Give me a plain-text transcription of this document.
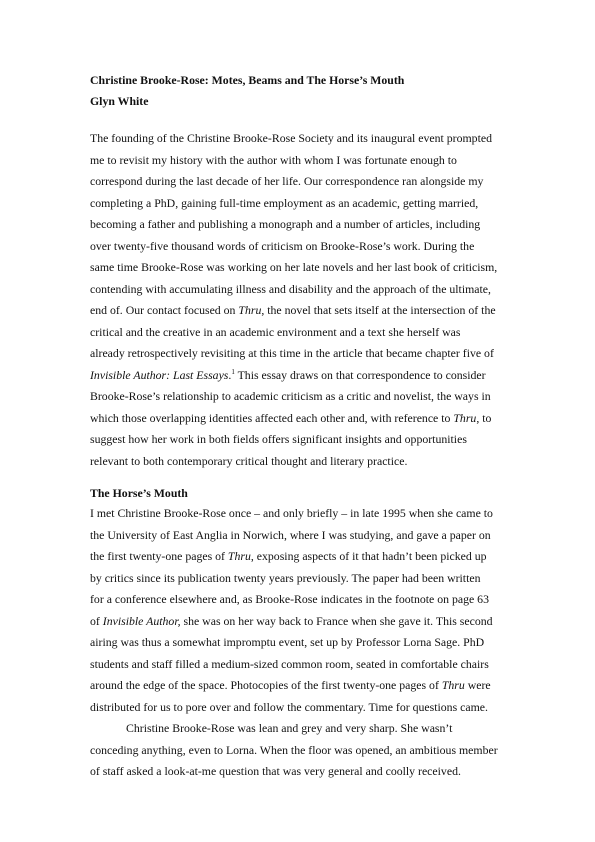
Christine Brooke-Rose: Motes, Beams and The Horse’s Mouth
Glyn White
The founding of the Christine Brooke-Rose Society and its inaugural event prompted
me to revisit my history with the author with whom I was fortunate enough to
correspond during the last decade of her life. Our correspondence ran alongside my
completing a PhD, gaining full-time employment as an academic, getting married,
becoming a father and publishing a monograph and a number of articles, including
over twenty-five thousand words of criticism on Brooke-Rose’s work. During the
same time Brooke-Rose was working on her late novels and her last book of criticism,
contending with accumulating illness and disability and the approach of the ultimate,
end of. Our contact focused on Thru, the novel that sets itself at the intersection of the
critical and the creative in an academic environment and a text she herself was
already retrospectively revisiting at this time in the article that became chapter five of
Invisible Author: Last Essays.$^1$ This essay draws on that correspondence to consider
Brooke-Rose’s relationship to academic criticism as a critic and novelist, the ways in
which those overlapping identities affected each other and, with reference to Thru, to
suggest how her work in both fields offers significant insights and opportunities
relevant to both contemporary critical thought and literary practice.
The Horse’s Mouth
I met Christine Brooke-Rose once – and only briefly – in late 1995 when she came to
the University of East Anglia in Norwich, where I was studying, and gave a paper on
the first twenty-one pages of Thru, exposing aspects of it that hadn’t been picked up
by critics since its publication twenty years previously. The paper had been written
for a conference elsewhere and, as Brooke-Rose indicates in the footnote on page 63
of Invisible Author, she was on her way back to France when she gave it. This second
airing was thus a somewhat impromptu event, set up by Professor Lorna Sage. PhD
students and staff filled a medium-sized common room, seated in comfortable chairs
around the edge of the space. Photocopies of the first twenty-one pages of Thru were
distributed for us to pore over and follow the commentary. Time for questions came.
Christine Brooke-Rose was lean and grey and very sharp. She wasn’t
conceding anything, even to Lorna. When the floor was opened, an ambitious member
of staff asked a look-at-me question that was very general and coolly received.
